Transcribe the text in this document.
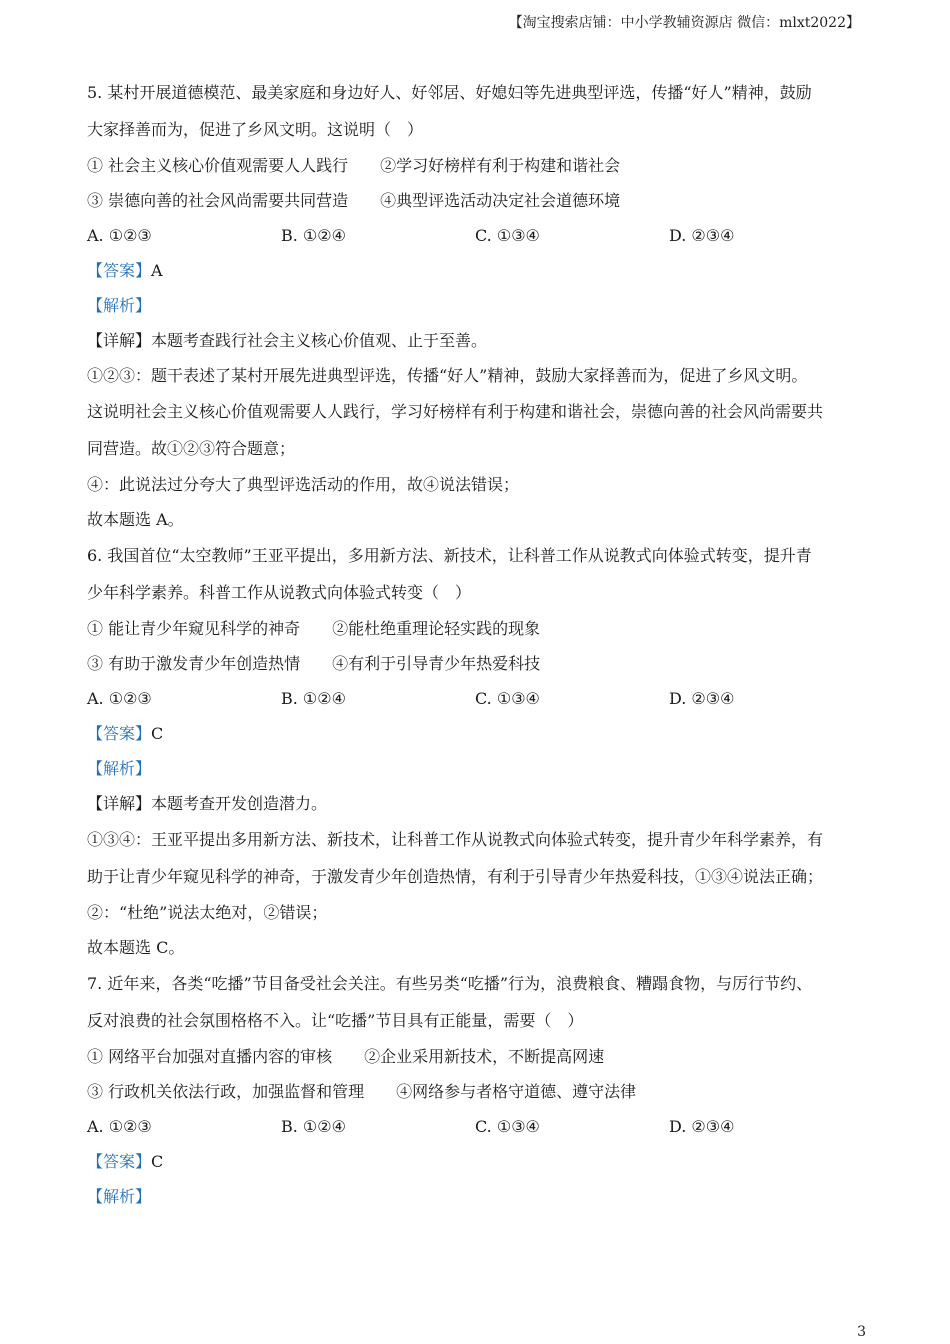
【淘宝搜索店铺：中小学教辅资源店 微信：mlxt2022】
5. 某村开展道德模范、最美家庭和身边好人、好邻居、好媳妇等先进典型评选，传播“好人”精神，鼓励
大家择善而为，促进了乡风文明。这说明（　）
① 社会主义核心价值观需要人人践行　　②学习好榜样有利于构建和谐社会
③ 崇德向善的社会风尚需要共同营造　　④典型评选活动决定社会道德环境
A. ①②③	B. ①②④	C. ①③④	D. ②③④
【答案】A
【解析】
【详解】本题考查践行社会主义核心价值观、止于至善。
①②③：题干表述了某村开展先进典型评选，传播“好人”精神，鼓励大家择善而为，促进了乡风文明。
这说明社会主义核心价值观需要人人践行，学习好榜样有利于构建和谐社会，崇德向善的社会风尚需要共
同营造。故①②③符合题意；
④：此说法过分夸大了典型评选活动的作用，故④说法错误；
故本题选 A。
6. 我国首位“太空教师”王亚平提出，多用新方法、新技术，让科普工作从说教式向体验式转变，提升青
少年科学素养。科普工作从说教式向体验式转变（　）
① 能让青少年窥见科学的神奇　　②能杜绝重理论轻实践的现象
③ 有助于激发青少年创造热情　　④有利于引导青少年热爱科技
A. ①②③	B. ①②④	C. ①③④	D. ②③④
【答案】C
【解析】
【详解】本题考查开发创造潜力。
①③④：王亚平提出多用新方法、新技术，让科普工作从说教式向体验式转变，提升青少年科学素养，有
助于让青少年窥见科学的神奇，于激发青少年创造热情，有利于引导青少年热爱科技，①③④说法正确；
②：“杜绝”说法太绝对，②错误；
故本题选 C。
7. 近年来，各类“吃播”节目备受社会关注。有些另类“吃播”行为，浪费粮食、糟蹋食物，与厉行节约、
反对浪费的社会氛围格格不入。让“吃播”节目具有正能量，需要（　）
① 网络平台加强对直播内容的审核　　②企业采用新技术，不断提高网速
③ 行政机关依法行政，加强监督和管理　　④网络参与者格守道德、遵守法律
A. ①②③	B. ①②④	C. ①③④	D. ②③④
【答案】C
【解析】
3
